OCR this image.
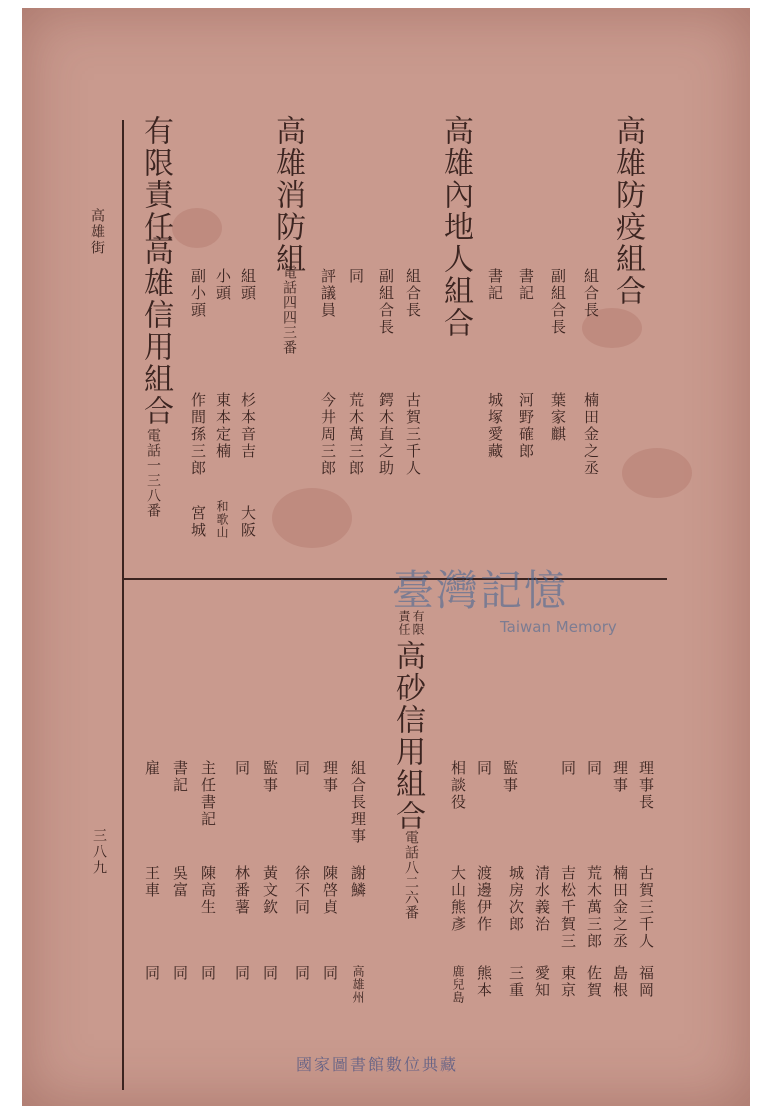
高雄街
三八九
高雄防疫組合
組合長
副組合長
書記
楠田金之丞
葉家麒
河野確郎
書記
城塚愛藏
高雄內地人組合
組合長
副組合長
古賀三千人
鍔木直之助
同
評議員
荒木萬三郎
今井周三郎
高雄消防組
電話四四三番
組頭
小頭
副小頭
杉本音吉
東本定楠
作間孫三郎
大阪
和歌山
宮城
有限責任
高雄信用組合
電話一三八番
理事長
理事
同
同
監事
同
相談役
古賀三千人
楠田金之丞
荒木萬三郎
吉松千賀三
清水義治
城房次郎
渡邊伊作
大山熊彥
福岡
島根
佐賀
東京
愛知
三重
熊本
鹿兒島
有限
責任
高砂信用組合
電話八二六番
組合長理事
理事
同
監事
同
主任書記
書記
雇
謝鱗
陳啓貞
徐不同
黃文欽
林番薯
陳高生
吳富
王車
高雄州
同
同
同
同
同
同
同
臺灣記憶
Taiwan Memory
國家圖書館數位典藏
